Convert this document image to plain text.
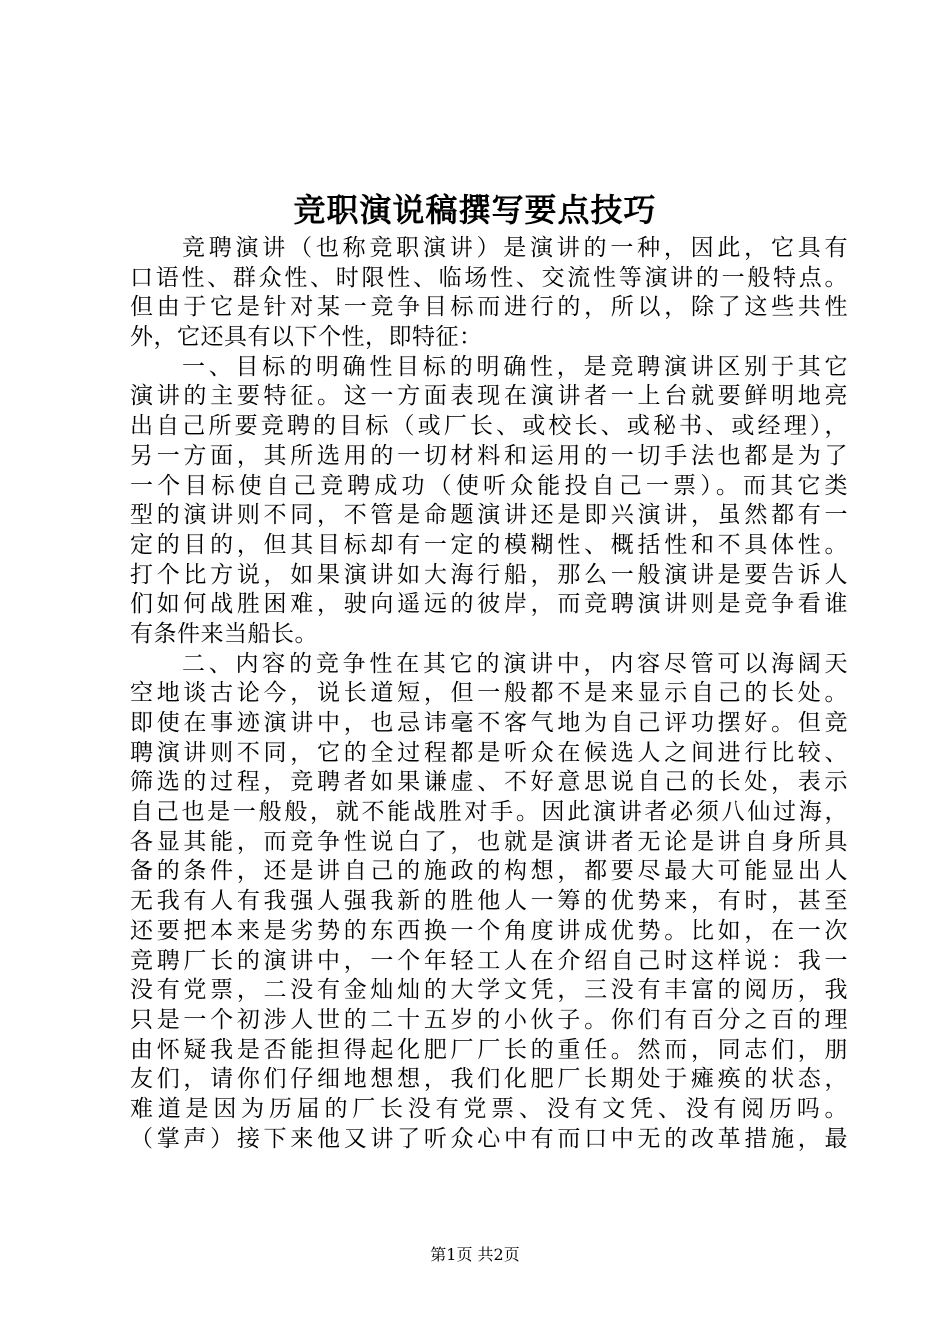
竞职演说稿撰写要点技巧
竞聘演讲（也称竞职演讲）是演讲的一种，因此，它具有
口语性、群众性、时限性、临场性、交流性等演讲的一般特点。
但由于它是针对某一竞争目标而进行的，所以，除了这些共性
外，它还具有以下个性，即特征：
一、目标的明确性目标的明确性，是竞聘演讲区别于其它
演讲的主要特征。这一方面表现在演讲者一上台就要鲜明地亮
出自己所要竞聘的目标（或厂长、或校长、或秘书、或经理），
另一方面，其所选用的一切材料和运用的一切手法也都是为了
一个目标使自己竞聘成功（使听众能投自己一票）。而其它类
型的演讲则不同，不管是命题演讲还是即兴演讲，虽然都有一
定的目的，但其目标却有一定的模糊性、概括性和不具体性。
打个比方说，如果演讲如大海行船，那么一般演讲是要告诉人
们如何战胜困难，驶向遥远的彼岸，而竞聘演讲则是竞争看谁
有条件来当船长。
二、内容的竞争性在其它的演讲中，内容尽管可以海阔天
空地谈古论今，说长道短，但一般都不是来显示自己的长处。
即使在事迹演讲中，也忌讳毫不客气地为自己评功摆好。但竞
聘演讲则不同，它的全过程都是听众在候选人之间进行比较、
筛选的过程，竞聘者如果谦虚、不好意思说自己的长处，表示
自己也是一般般，就不能战胜对手。因此演讲者必须八仙过海，
各显其能，而竞争性说白了，也就是演讲者无论是讲自身所具
备的条件，还是讲自己的施政的构想，都要尽最大可能显出人
无我有人有我强人强我新的胜他人一筹的优势来，有时，甚至
还要把本来是劣势的东西换一个角度讲成优势。比如，在一次
竞聘厂长的演讲中，一个年轻工人在介绍自己时这样说：我一
没有党票，二没有金灿灿的大学文凭，三没有丰富的阅历，我
只是一个初涉人世的二十五岁的小伙子。你们有百分之百的理
由怀疑我是否能担得起化肥厂厂长的重任。然而，同志们，朋
友们，请你们仔细地想想，我们化肥厂长期处于瘫痪的状态，
难道是因为历届的厂长没有党票、没有文凭、没有阅历吗。
（掌声）接下来他又讲了听众心中有而口中无的改革措施，最
第1页 共2页
